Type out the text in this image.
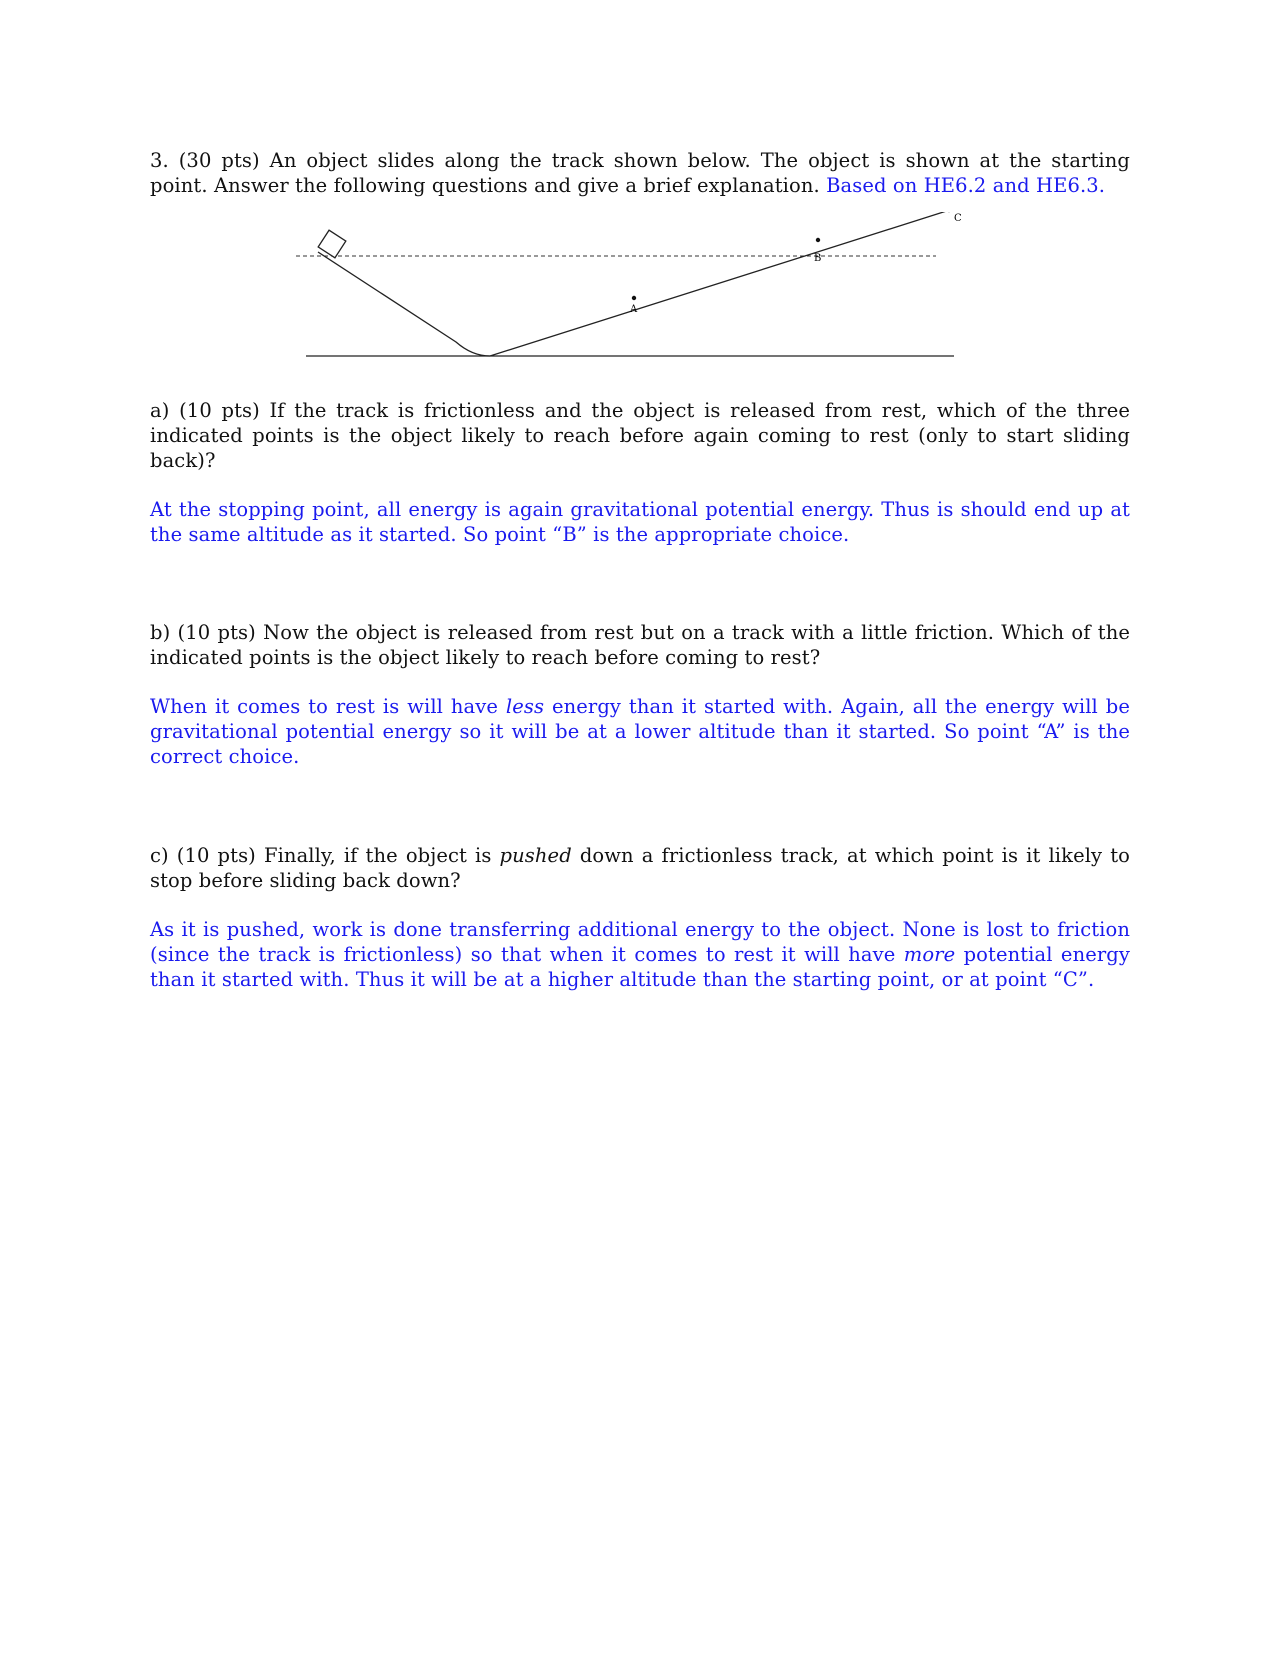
3. (30 pts) An object slides along the track shown below. The object is shown at the starting point. Answer the following questions and give a brief explanation. Based on HE6.2 and HE6.3.

A
B
C

a) (10 pts) If the track is frictionless and the object is released from rest, which of the three indicated points is the object likely to reach before again coming to rest (only to start sliding back)?

At the stopping point, all energy is again gravitational potential energy. Thus is should end up at the same altitude as it started. So point “B” is the appropriate choice.

b) (10 pts) Now the object is released from rest but on a track with a little friction. Which of the indicated points is the object likely to reach before coming to rest?

When it comes to rest is will have less energy than it started with. Again, all the energy will be gravitational potential energy so it will be at a lower altitude than it started. So point “A” is the correct choice.

c) (10 pts) Finally, if the object is pushed down a frictionless track, at which point is it likely to stop before sliding back down?

As it is pushed, work is done transferring additional energy to the object. None is lost to friction (since the track is frictionless) so that when it comes to rest it will have more potential energy than it started with. Thus it will be at a higher altitude than the starting point, or at point “C”.
